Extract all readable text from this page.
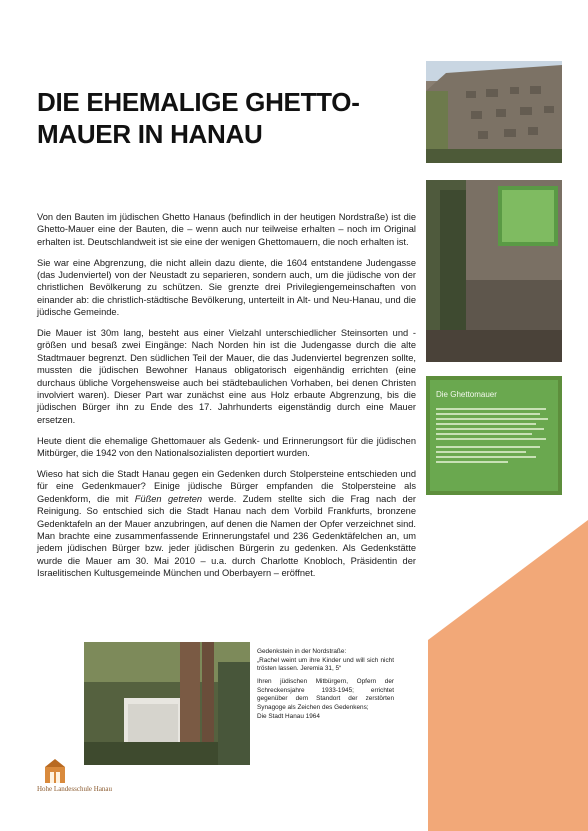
Die Ghettomauer
DIE EHEMALIGE GHETTO-
MAUER IN HANAU

Von den Bauten im jüdischen Ghetto Hanaus (befindlich in der heutigen Nordstraße) ist die Ghetto-Mauer eine der Bauten, die – wenn auch nur teilweise erhalten – noch im Original erhalten ist. Deutschlandweit ist sie eine der wenigen Ghettomauern, die noch erhalten ist.

Sie war eine Abgrenzung, die nicht allein dazu diente, die 1604 entstandene Judengasse (das Judenviertel) von der Neustadt zu separieren, sondern auch, um die jüdische von der christlichen Bevölkerung zu schützen. Sie grenzte drei Privilegiengemeinschaften von einander ab: die christlich-städtische Bevölkerung, unterteilt in Alt- und Neu-Hanau, und die jüdische Gemeinde.

Die Mauer ist 30m lang, besteht aus einer Vielzahl unterschiedlicher Steinsorten und -größen und besaß zwei Eingänge: Nach Norden hin ist die Judengasse durch die alte Stadtmauer begrenzt. Den südlichen Teil der Mauer, die das Judenviertel begrenzen sollte, mussten die jüdischen Bewohner Hanaus obligatorisch eigenhändig errichten (eine durchaus übliche Vorgehensweise auch bei städtebaulichen Vorhaben, bei denen Christen involviert waren). Dieser Part war zunächst eine aus Holz erbaute Abgrenzung, bis die jüdischen Bürger ihn zu Ende des 17. Jahrhunderts eigenständig durch eine Mauer ersetzen.

Heute dient die ehemalige Ghettomauer als Gedenk- und Erinnerungsort für die jüdischen Mitbürger, die 1942 von den Nationalsozialisten deportiert wurden.

Wieso hat sich die Stadt Hanau gegen ein Gedenken durch Stolpersteine entschieden und für eine Gedenkmauer? Einige jüdische Bürger empfanden die Stolpersteine als Gedenkform, die mit Füßen getreten werde. Zudem stellte sich die Frag nach der Reinigung. So entschied sich die Stadt Hanau nach dem Vorbild Frankfurts, bronzene Gedenktafeln an der Mauer anzubringen, auf denen die Namen der Opfer verzeichnet sind. Man brachte eine zusammenfassende Erinnerungstafel und 236 Gedenktäfelchen an, um jedem jüdischen Bürger bzw. jeder jüdischen Bürgerin zu gedenken. Als Gedenkstätte wurde die Mauer am 30. Mai 2010 – u.a. durch Charlotte Knobloch, Präsidentin der Israelitischen Kultusgemeinde München und Oberbayern – eröffnet.

Gedenkstein in der Nordstraße:
„Rachel weint um ihre Kinder und will sich nicht trösten lassen. Jeremia 31, 5“

Ihren jüdischen Mitbürgern, Opfern der Schreckensjahre 1933-1945; errichtet gegenüber dem Standort der zerstörten Synagoge als Zeichen des Gedenkens;
Die Stadt Hanau 1964

Hohe Landesschule Hanau
